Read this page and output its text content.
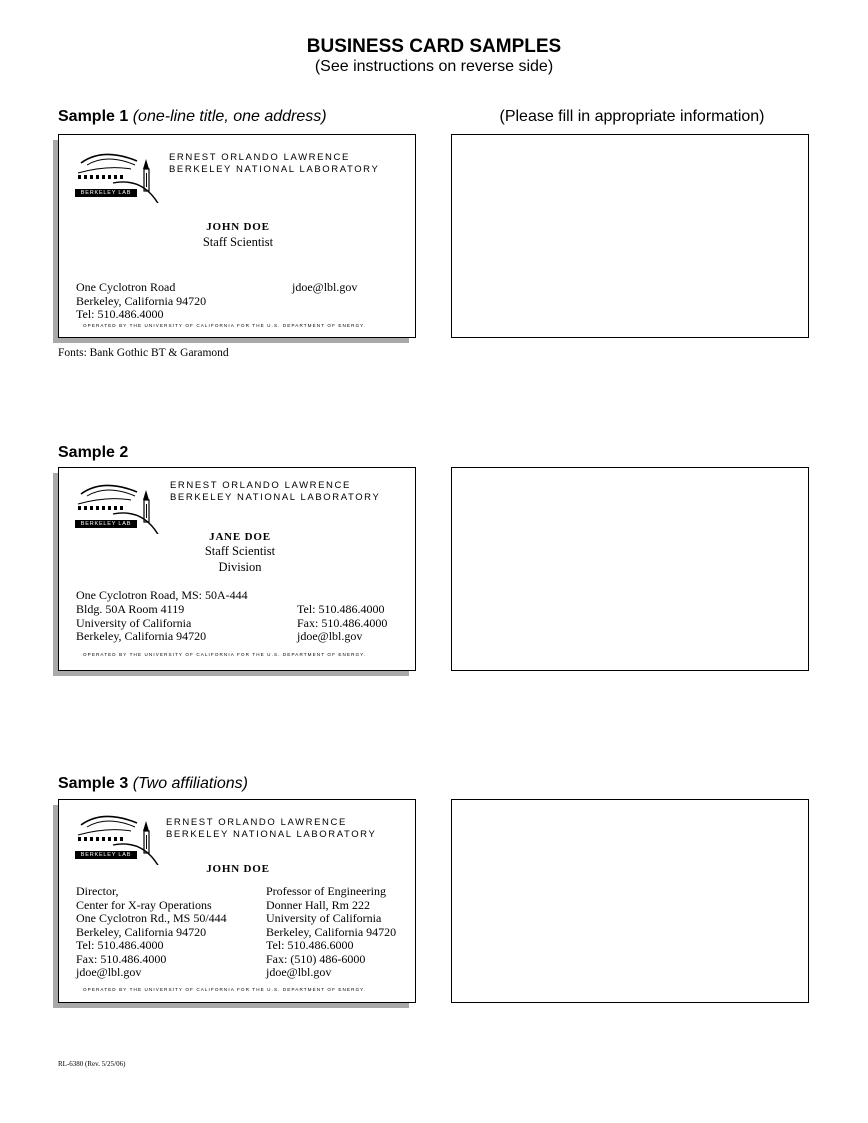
BUSINESS CARD SAMPLES
(See instructions on reverse side)
Sample 1 (one-line title, one address)	(Please fill in appropriate information)
BERKELEY LAB
ERNEST ORLANDO LAWRENCE
BERKELEY NATIONAL LABORATORY
JOHN DOE
Staff Scientist
One Cyclotron Road
Berkeley, California 94720
Tel: 510.486.4000
jdoe@lbl.gov
OPERATED BY THE UNIVERSITY OF CALIFORNIA FOR THE U.S. DEPARTMENT OF ENERGY.
Fonts: Bank Gothic BT & Garamond
Sample 2
BERKELEY LAB
ERNEST ORLANDO LAWRENCE
BERKELEY NATIONAL LABORATORY
JANE DOE
Staff Scientist
Division
One Cyclotron Road, MS: 50A-444
Bldg. 50A Room 4119
University of California
Berkeley, California 94720
Tel: 510.486.4000
Fax: 510.486.4000
jdoe@lbl.gov
OPERATED BY THE UNIVERSITY OF CALIFORNIA FOR THE U.S. DEPARTMENT OF ENERGY.
Sample 3 (Two affiliations)
BERKELEY LAB
ERNEST ORLANDO LAWRENCE
BERKELEY NATIONAL LABORATORY
JOHN DOE
Director,
Center for X-ray Operations
One Cyclotron Rd., MS 50/444
Berkeley, California 94720
Tel: 510.486.4000
Fax: 510.486.4000
jdoe@lbl.gov
Professor of Engineering
Donner Hall, Rm 222
University of California
Berkeley, California 94720
Tel: 510.486.6000
Fax: (510) 486-6000
jdoe@lbl.gov
OPERATED BY THE UNIVERSITY OF CALIFORNIA FOR THE U.S. DEPARTMENT OF ENERGY.
RL-6380 (Rev. 5/25/06)
